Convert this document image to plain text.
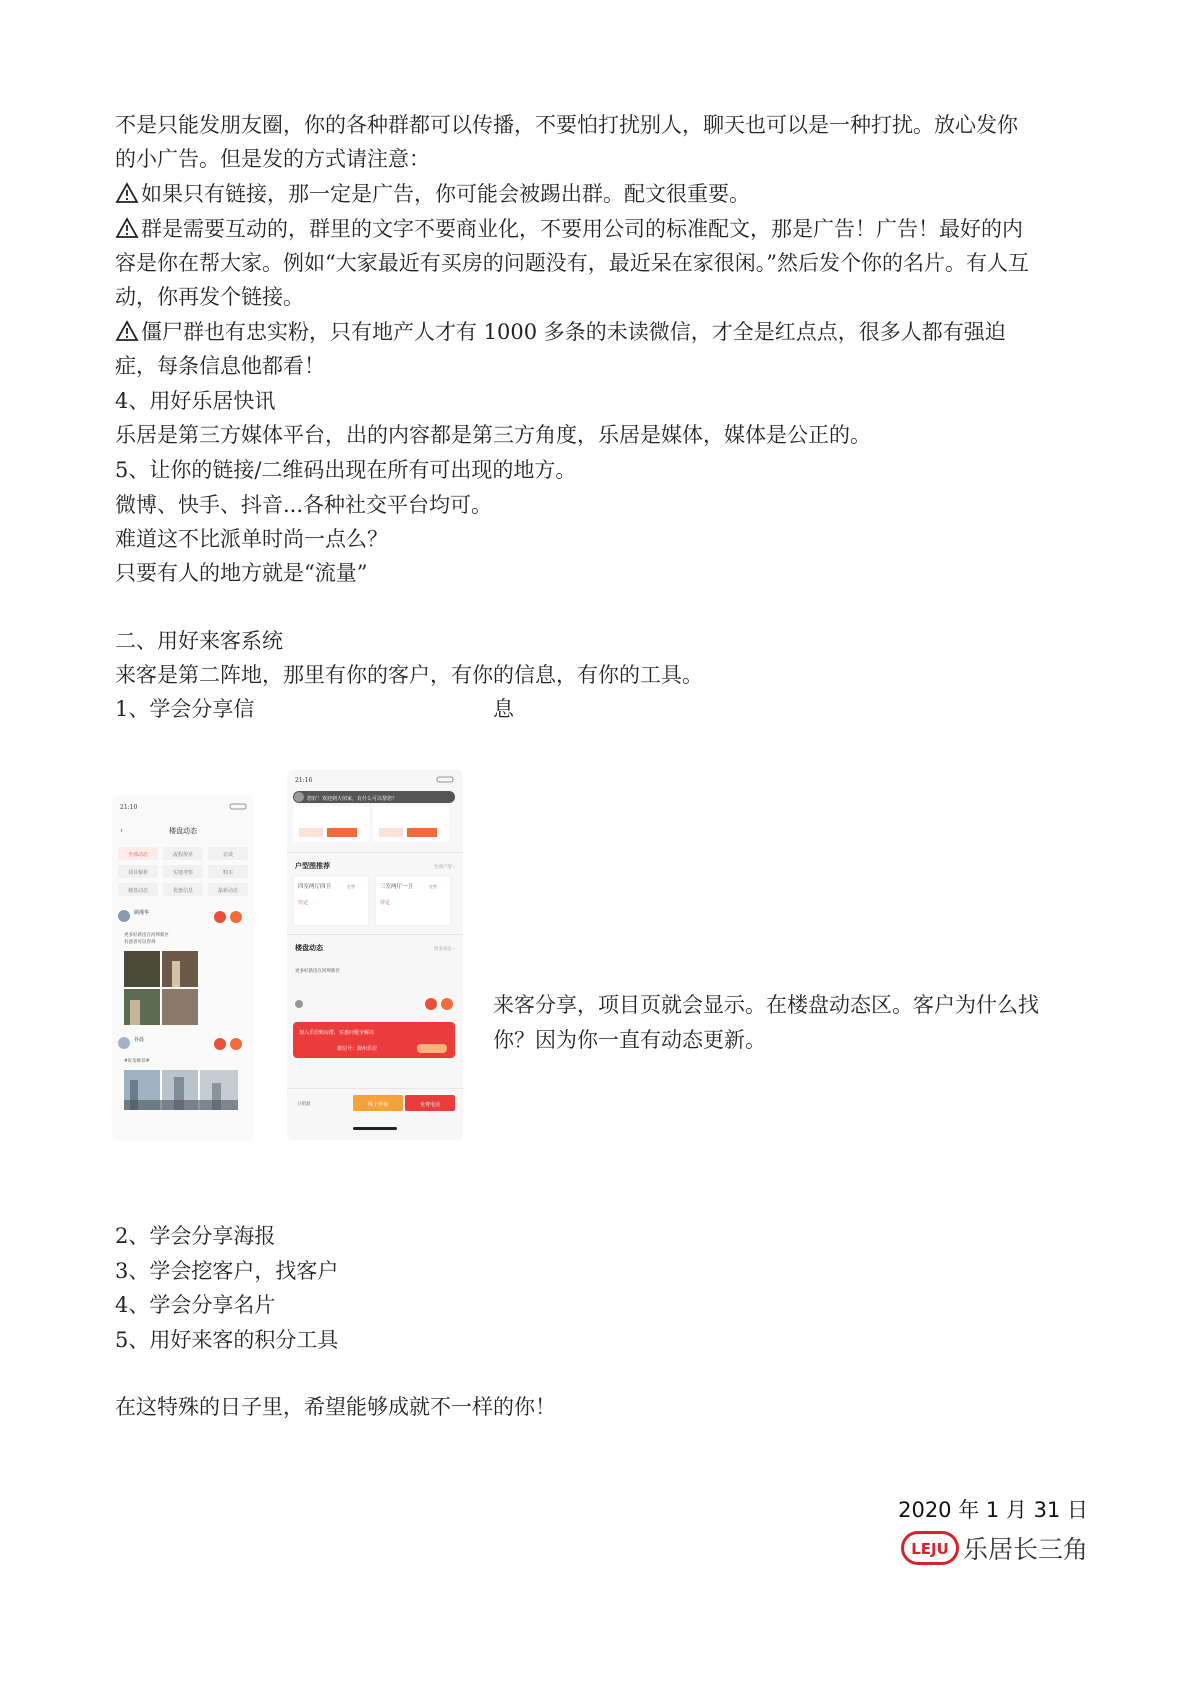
不是只能发朋友圈，你的各种群都可以传播，不要怕打扰别人，聊天也可以是一种打扰。放心发你
的小广告。但是发的方式请注意：
如果只有链接，那一定是广告，你可能会被踢出群。配文很重要。
群是需要互动的，群里的文字不要商业化，不要用公司的标准配文，那是广告！广告！最好的内
容是你在帮大家。例如“大家最近有买房的问题没有，最近呆在家很闲。”然后发个你的名片。有人互
动，你再发个链接。
僵尸群也有忠实粉，只有地产人才有 1000 多条的未读微信，才全是红点点，很多人都有强迫
症，每条信息他都看！
4、用好乐居快讯
乐居是第三方媒体平台，出的内容都是第三方角度，乐居是媒体，媒体是公正的。
5、让你的链接/二维码出现在所有可出现的地方。
微博、快手、抖音...各种社交平台均可。
难道这不比派单时尚一点么？
只要有人的地方就是“流量”
二、用好来客系统
来客是第二阵地，那里有你的客户，有你的信息，有你的工具。
1、学会分享信	息
21:10
‹	楼盘动态
全部动态	流程规章	访谈
项目解析	实地考察	购买
楼盘动态	优惠信息	最新动态
顾瑾华
更多好新房在河埠新区
有意者可以咨询
谷晨
#好房推荐#
21:16
您好！欢迎到大佰家，有什么可以帮您？
户型图推荐	全部户型 ›
四室两厅四卫	在售
待定
三室两厅一卫	在售
待定
楼盘动态	更多动态 ›
更多好新房在河埠新区
加入乐居购房群，实惠问题全解决
微信号：滁州乐居
分销器	线上咨询	免费电话
来客分享，项目页就会显示。在楼盘动态区。客户为什么找
你？因为你一直有动态更新。
2、学会分享海报
3、学会挖客户，找客户
4、学会分享名片
5、用好来客的积分工具
在这特殊的日子里，希望能够成就不一样的你！
2020 年 1 月 31 日
LEJU 乐居长三角
